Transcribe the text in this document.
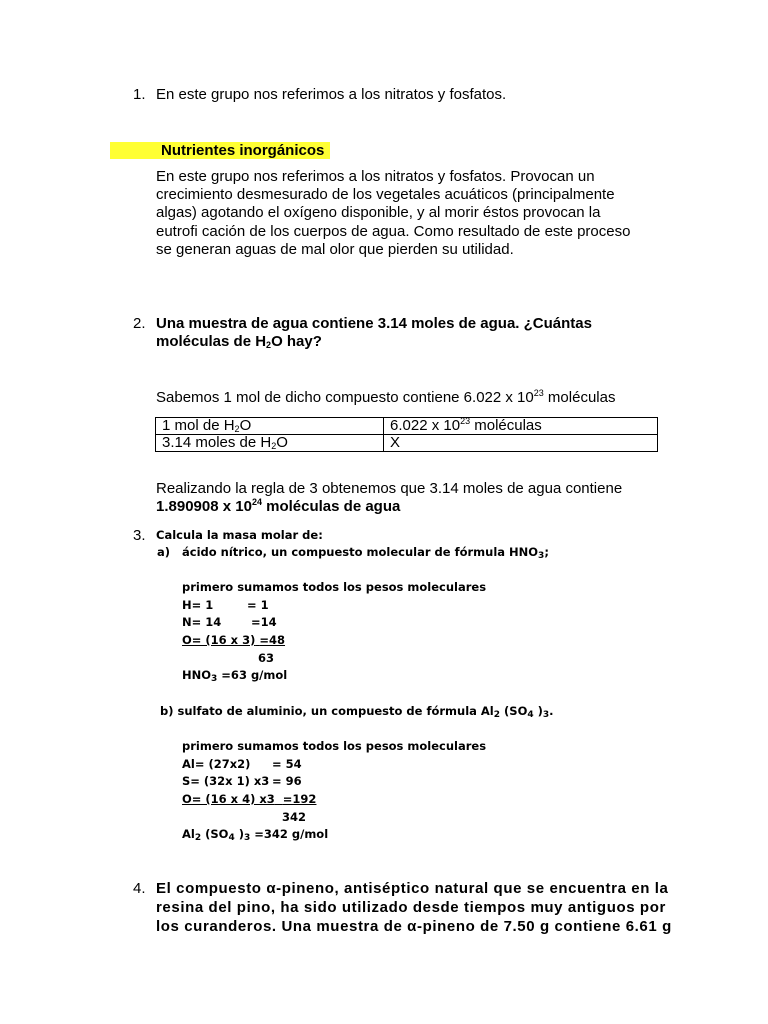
1. En este grupo nos referimos a los nitratos y fosfatos.
Nutrientes inorgánicos
En este grupo nos referimos a los nitratos y fosfatos. Provocan un
crecimiento desmesurado de los vegetales acuáticos (principalmente
algas) agotando el oxígeno disponible, y al morir éstos provocan la
eutrofi cación de los cuerpos de agua. Como resultado de este proceso
se generan aguas de mal olor que pierden su utilidad.
2. Una muestra de agua contiene 3.14 moles de agua. ¿Cuántas
moléculas de $H_2O$ hay?
Sabemos 1 mol de dicho compuesto contiene 6.022 x $10^{23}$ moléculas
1 mol de $H_2O$	6.022 x $10^{23}$ moléculas
3.14 moles de $H_2O$	X
Realizando la regla de 3 obtenemos que 3.14 moles de agua contiene
1.890908 x $10^{24}$ moléculas de agua
3. Calcula la masa molar de:
a) ácido nítrico, un compuesto molecular de fórmula $HNO_3$;
primero sumamos todos los pesos moleculares
H= 1	= 1
N= 14	=14
O= (16 x 3) =48
63
$HNO_3 =63$ g/mol
b) sulfato de aluminio, un compuesto de fórmula $Al_2$ ($SO_4$ )$_3$.
primero sumamos todos los pesos moleculares
Al= (27x2) = 54
S= (32x 1) x3 = 96
O= (16 x 4) x3 =192
342
$Al_2$ ($SO_4$ )$_3 =342$ g/mol
4. El compuesto α-pineno, antiséptico natural que se encuentra en la
resina del pino, ha sido utilizado desde tiempos muy antiguos por
los curanderos. Una muestra de α-pineno de 7.50 g contiene 6.61 g
